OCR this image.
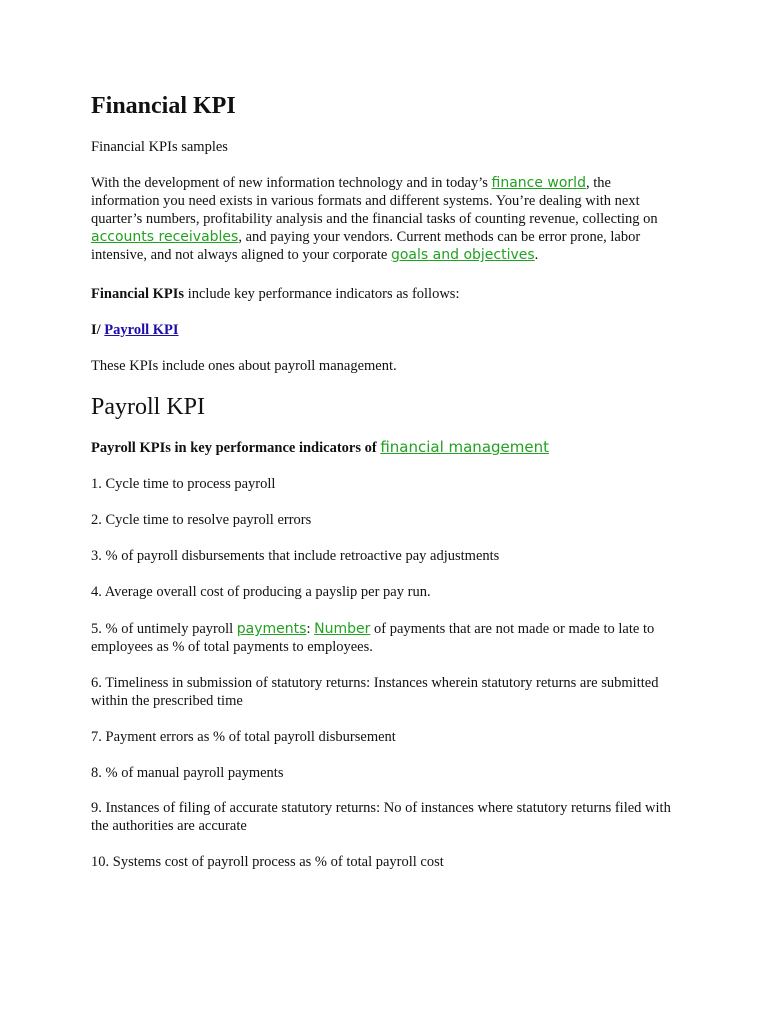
Financial KPI

Financial KPIs samples

With the development of new information technology and in today’s finance world, the information you need exists in various formats and different systems. You’re dealing with next quarter’s numbers, profitability analysis and the financial tasks of counting revenue, collecting on accounts receivables, and paying your vendors. Current methods can be error prone, labor intensive, and not always aligned to your corporate goals and objectives.

Financial KPIs include key performance indicators as follows:

I/ Payroll KPI

These KPIs include ones about payroll management.

Payroll KPI

Payroll KPIs in key performance indicators of financial management

1. Cycle time to process payroll

2. Cycle time to resolve payroll errors

3. % of payroll disbursements that include retroactive pay adjustments

4. Average overall cost of producing a payslip per pay run.

5. % of untimely payroll payments: Number of payments that are not made or made to late to employees as % of total payments to employees.

6. Timeliness in submission of statutory returns: Instances wherein statutory returns are submitted within the prescribed time

7. Payment errors as % of total payroll disbursement

8. % of manual payroll payments

9. Instances of filing of accurate statutory returns: No of instances where statutory returns filed with the authorities are accurate

10. Systems cost of payroll process as % of total payroll cost
